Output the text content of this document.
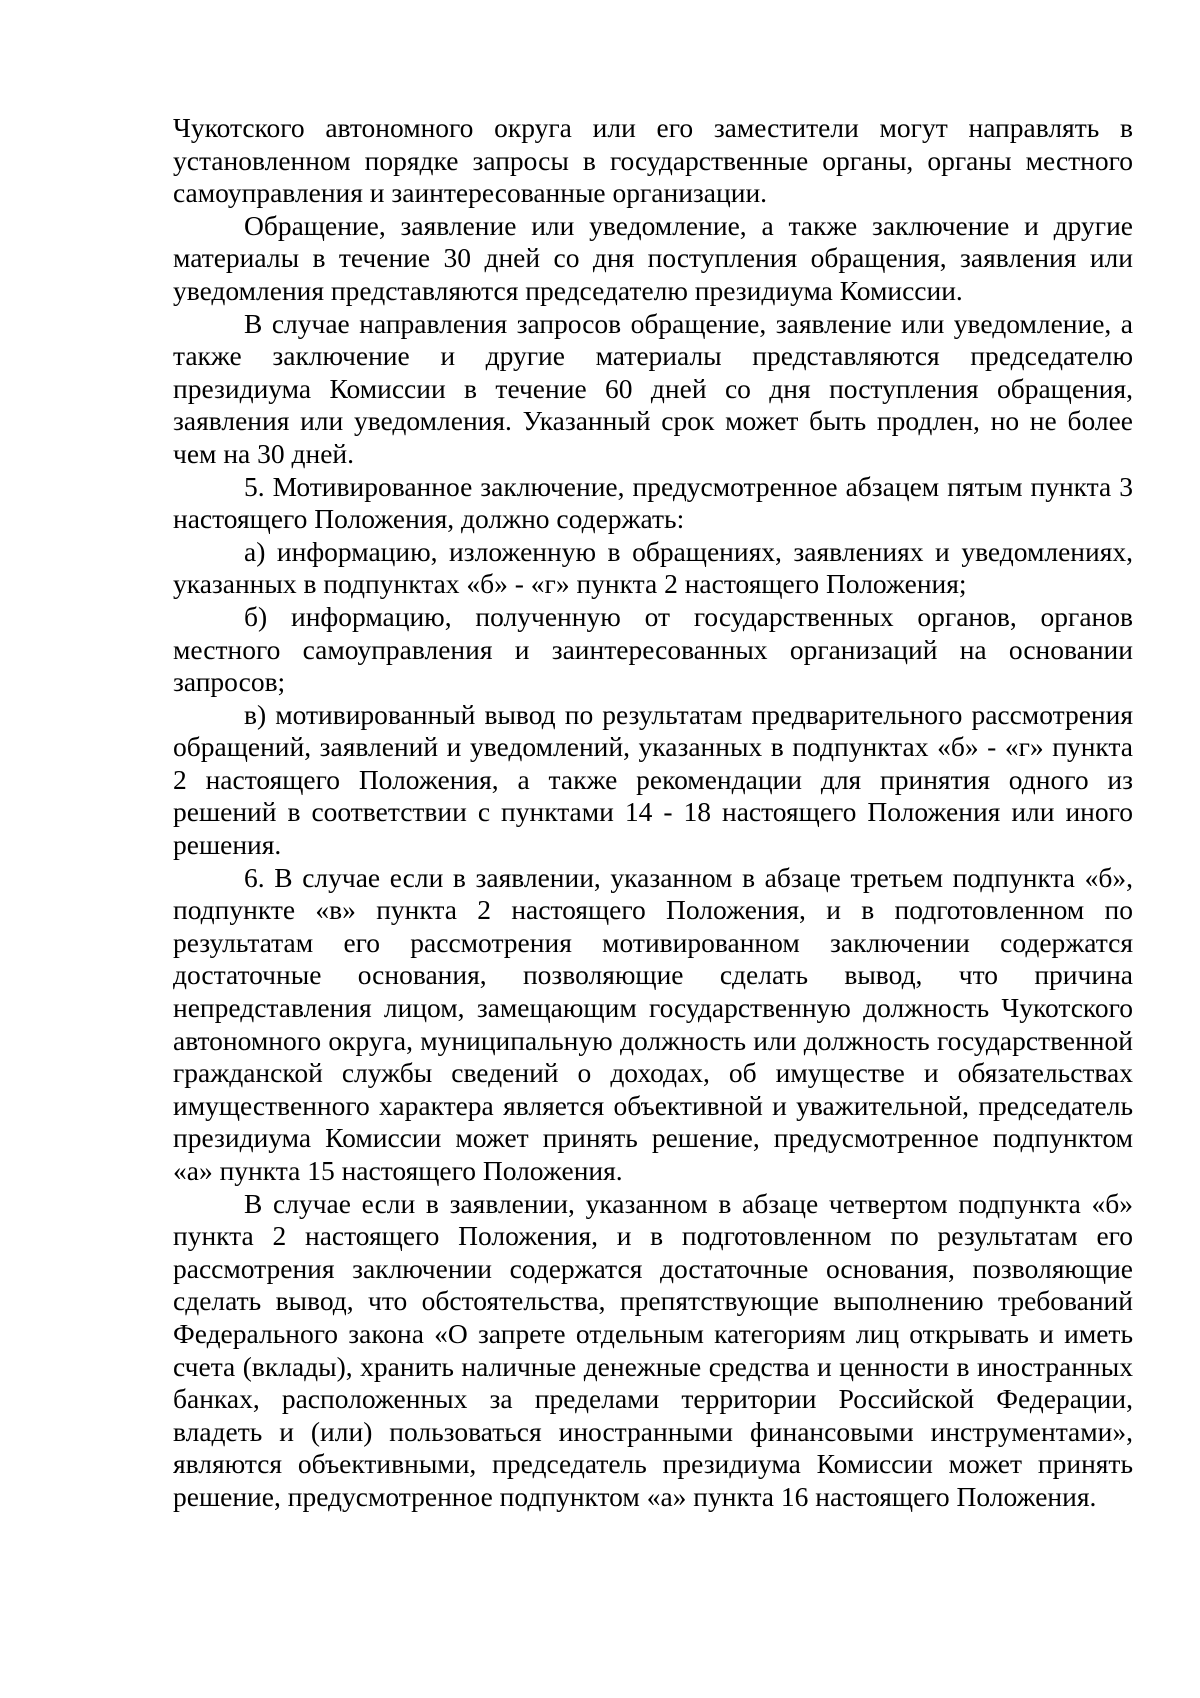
Чукотского автономного округа или его заместители могут направлять в установленном порядке запросы в государственные органы, органы местного самоуправления и заинтересованные организации.

Обращение, заявление или уведомление, а также заключение и другие материалы в течение 30 дней со дня поступления обращения, заявления или уведомления представляются председателю президиума Комиссии.

В случае направления запросов обращение, заявление или уведомление, а также заключение и другие материалы представляются председателю президиума Комиссии в течение 60 дней со дня поступления обращения, заявления или уведомления. Указанный срок может быть продлен, но не более чем на 30 дней.

5. Мотивированное заключение, предусмотренное абзацем пятым пункта 3 настоящего Положения, должно содержать:

а) информацию, изложенную в обращениях, заявлениях и уведомлениях, указанных в подпунктах «б» - «г» пункта 2 настоящего Положения;

б) информацию, полученную от государственных органов, органов местного самоуправления и заинтересованных организаций на основании запросов;

в) мотивированный вывод по результатам предварительного рассмотрения обращений, заявлений и уведомлений, указанных в подпунктах «б» - «г» пункта 2 настоящего Положения, а также рекомендации для принятия одного из решений в соответствии с пунктами 14 - 18 настоящего Положения или иного решения.

6. В случае если в заявлении, указанном в абзаце третьем подпункта «б», подпункте «в» пункта 2 настоящего Положения, и в подготовленном по результатам его рассмотрения мотивированном заключении содержатся достаточные основания, позволяющие сделать вывод, что причина непредставления лицом, замещающим государственную должность Чукотского автономного округа, муниципальную должность или должность государственной гражданской службы сведений о доходах, об имуществе и обязательствах имущественного характера является объективной и уважительной, председатель президиума Комиссии может принять решение, предусмотренное подпунктом «а» пункта 15 настоящего Положения.

В случае если в заявлении, указанном в абзаце четвертом подпункта «б» пункта 2 настоящего Положения, и в подготовленном по результатам его рассмотрения заключении содержатся достаточные основания, позволяющие сделать вывод, что обстоятельства, препятствующие выполнению требований Федерального закона «О запрете отдельным категориям лиц открывать и иметь счета (вклады), хранить наличные денежные средства и ценности в иностранных банках, расположенных за пределами территории Российской Федерации, владеть и (или) пользоваться иностранными финансовыми инструментами», являются объективными, председатель президиума Комиссии может принять решение, предусмотренное подпунктом «а» пункта 16 настоящего Положения.
